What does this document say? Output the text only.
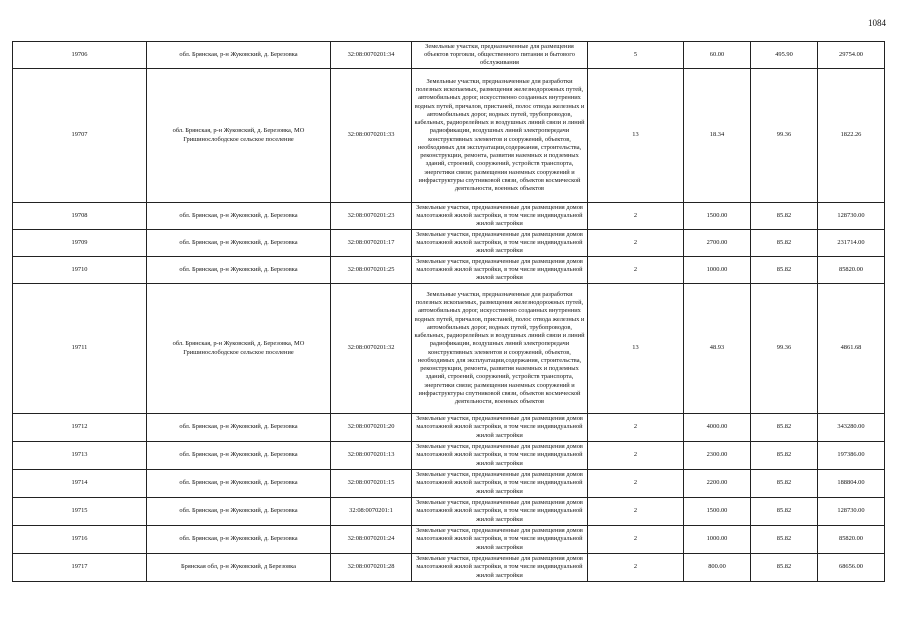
1084
19706	обл. Брянская, р-н Жуковский, д. Березовка	32:08:0070201:34	Земельные участки, предназначенные для размещения объектов торговли, общественного питания и бытового обслуживания	5	60.00	495.90	29754.00
19707	обл. Брянская, р-н Жуковский, д. Березовка, МО Гришинослободское сельское поселение	32:08:0070201:33	Земельные участки, предназначенные для разработки полезных ископаемых, размещения железнодорожных путей, автомобильных дорог, искусственно созданных внутренних водных путей, причалов, пристаней, полос отвода железных и автомобильных дорог, водных путей, трубопроводов, кабельных, радиорелейных и воздушных линий связи и линий радиофикации, воздушных линий электропередачи конструктивных элементов и сооружений, объектов, необходимых для эксплуатации,содержания, строительства, реконструкции, ремонта, развития наземных и подземных зданий, строений, сооружений, устройств транспорта, энергетики связи; размещения наземных сооружений и инфраструктуры спутниковой связи, объектов космической деятельности, военных объектов	13	18.34	99.36	1822.26
19708	обл. Брянская, р-н Жуковский, д. Березовка	32:08:0070201:23	Земельные участки, предназначенные для размещения домов малоэтажной жилой застройки, в том числе индивидуальной жилой застройки	2	1500.00	85.82	128730.00
19709	обл. Брянская, р-н Жуковский, д. Березовка	32:08:0070201:17	Земельные участки, предназначенные для размещения домов малоэтажной жилой застройки, в том числе индивидуальной жилой застройки	2	2700.00	85.82	231714.00
19710	обл. Брянская, р-н Жуковский, д. Березовка	32:08:0070201:25	Земельные участки, предназначенные для размещения домов малоэтажной жилой застройки, в том числе индивидуальной жилой застройки	2	1000.00	85.82	85820.00
19711	обл. Брянская, р-н Жуковский, д. Березовка, МО Гришинослободское сельское поселение	32:08:0070201:32	Земельные участки, предназначенные для разработки полезных ископаемых, размещения железнодорожных путей, автомобильных дорог, искусственно созданных внутренних водных путей, причалов, пристаней, полос отвода железных и автомобильных дорог, водных путей, трубопроводов, кабельных, радиорелейных и воздушных линий связи и линий радиофикации, воздушных линий электропередачи конструктивных элементов и сооружений, объектов, необходимых для эксплуатации,содержания, строительства, реконструкции, ремонта, развития наземных и подземных зданий, строений, сооружений, устройств транспорта, энергетики связи; размещения наземных сооружений и инфраструктуры спутниковой связи, объектов космической деятельности, военных объектов	13	48.93	99.36	4861.68
19712	обл. Брянская, р-н Жуковский, д. Березовка	32:08:0070201:20	Земельные участки, предназначенные для размещения домов малоэтажной жилой застройки, в том числе индивидуальной жилой застройки	2	4000.00	85.82	343280.00
19713	обл. Брянская, р-н Жуковский, д. Березовка	32:08:0070201:13	Земельные участки, предназначенные для размещения домов малоэтажной жилой застройки, в том числе индивидуальной жилой застройки	2	2300.00	85.82	197386.00
19714	обл. Брянская, р-н Жуковский, д. Березовка	32:08:0070201:15	Земельные участки, предназначенные для размещения домов малоэтажной жилой застройки, в том числе индивидуальной жилой застройки	2	2200.00	85.82	188804.00
19715	обл. Брянская, р-н Жуковский, д. Березовка	32:08:0070201:1	Земельные участки, предназначенные для размещения домов малоэтажной жилой застройки, в том числе индивидуальной жилой застройки	2	1500.00	85.82	128730.00
19716	обл. Брянская, р-н Жуковский, д. Березовка	32:08:0070201:24	Земельные участки, предназначенные для размещения домов малоэтажной жилой застройки, в том числе индивидуальной жилой застройки	2	1000.00	85.82	85820.00
19717	Брянская обл, р-н Жуковский, д Березовка	32:08:0070201:28	Земельные участки, предназначенные для размещения домов малоэтажной жилой застройки, в том числе индивидуальной жилой застройки	2	800.00	85.82	68656.00
